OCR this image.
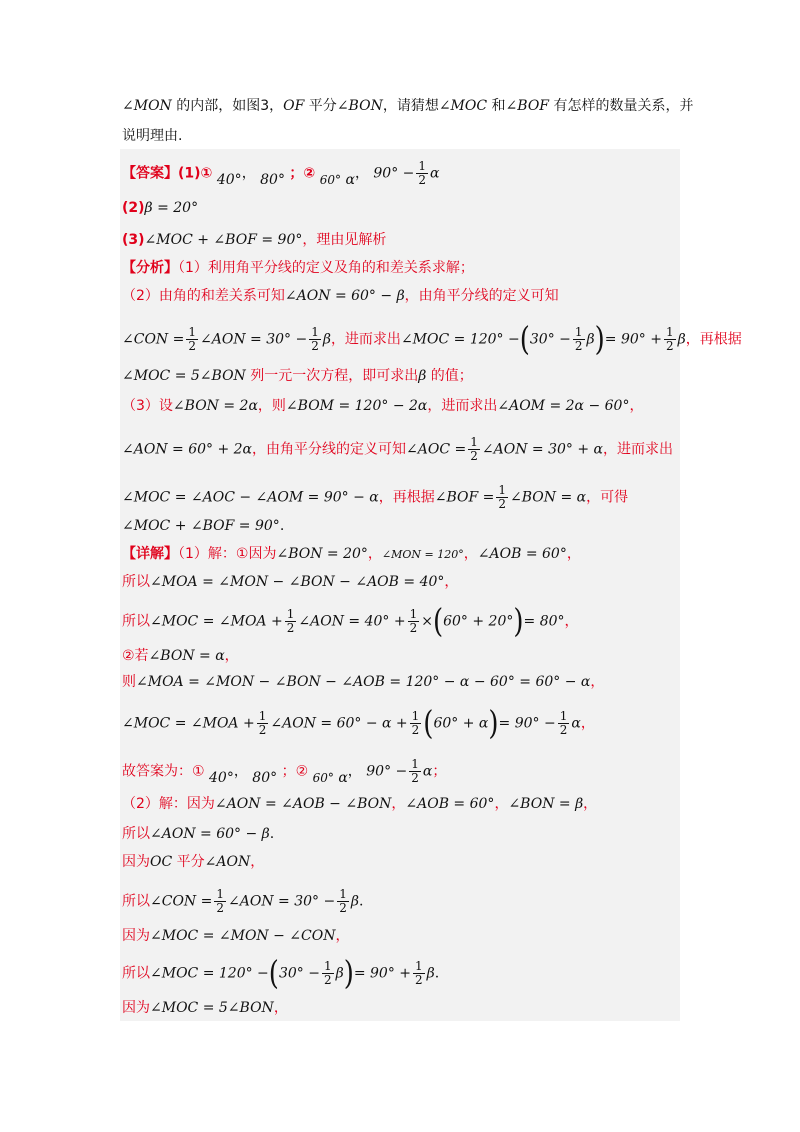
∠MON 的内部，如图3，OF 平分∠BON，请猜想∠MOC 和∠BOF 有怎样的数量关系，并
说明理由.
【答案】(1)① 40°， 80° ；② 60° α， $90^\circ - \frac{1}{2}$ α
(2)β = 20°
(3)∠MOC + ∠BOF = 90°，理由见解析
【分析】（1）利用角平分线的定义及角的和差关系求解；
（2）由角的和差关系可知∠AON = 60° − β，由角平分线的定义可知
∠CON = $\frac{1}{2}$ ∠AON = $30^\circ - \frac{1}{2}$ β，进而求出∠MOC = $120^\circ -(30^\circ - \frac{1}{2} \beta)= 90^\circ + \frac{1}{2}$ β，再根据
∠MOC = 5∠BON 列一元一次方程，即可求出β 的值；
（3）设∠BON = 2α，则∠BOM = 120° − 2α，进而求出∠AOM = 2α − 60°，
∠AON = 60° + 2α，由角平分线的定义可知∠AOC = $\frac{1}{2}$ ∠AON = 30° + α，进而求出
∠MOC = ∠AOC − ∠AOM = 90° − α，再根据∠BOF = $\frac{1}{2}$ ∠BON = α，可得
∠MOC + ∠BOF = 90°.
【详解】（1）解：①因为∠BON = 20°，∠MON = 120°，∠AOB = 60°，
所以∠MOA = ∠MON − ∠BON − ∠AOB = 40°，
所以∠MOC = ∠MOA + $\frac{1}{2}$ ∠AON = $40^\circ + \frac{1}{2} \times(60^\circ + 20^\circ)= 80^\circ$，
②若∠BON = α，
则∠MOA = ∠MON − ∠BON − ∠AOB = 120° − α − 60° = 60° − α，
∠MOC = ∠MOA + $\frac{1}{2}$ ∠AON = $60^\circ - \alpha + \frac{1}{2} (60^\circ + \alpha)= 90^\circ - \frac{1}{2}$ α，
故答案为：① 40°， 80° ；② 60° α， $90^\circ - \frac{1}{2}$ α；
（2）解：因为∠AON = ∠AOB − ∠BON，∠AOB = 60°，∠BON = β，
所以∠AON = 60° − β.
因为OC 平分∠AON，
所以∠CON = $\frac{1}{2}$ ∠AON = $30^\circ - \frac{1}{2} \beta$.
因为∠MOC = ∠MON − ∠CON，
所以∠MOC = $120^\circ -(30^\circ - \frac{1}{2} \beta)= 90^\circ + \frac{1}{2} \beta$.
因为∠MOC = 5∠BON，
